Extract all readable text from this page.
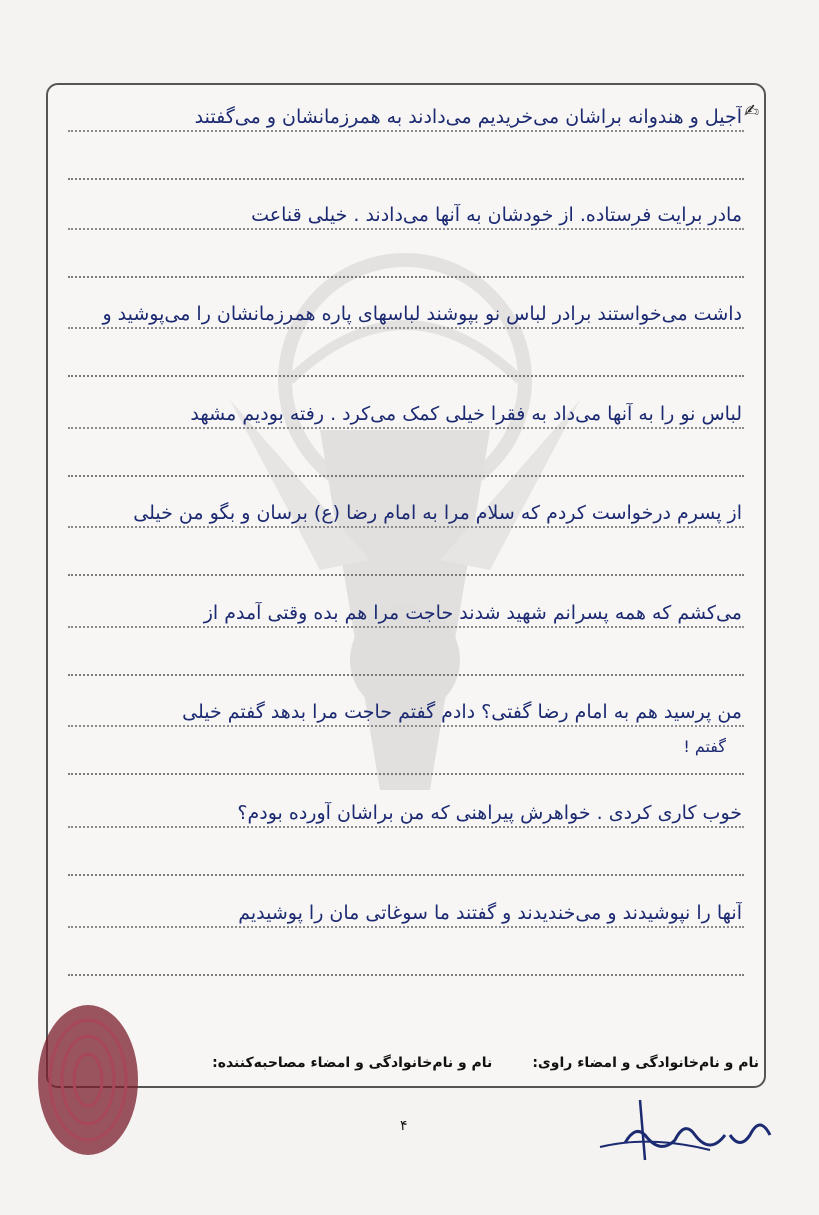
آجیل و هندوانه براشان می‌خریدیم می‌دادند به همرزمانشان و می‌گفتند
مادر برایت فرستاده. از خودشان به آنها می‌دادند . خیلی قناعت
داشت می‌خواستند برادر لباس نو بپوشند لباسهای پاره همرزمانشان را می‌پوشید و
لباس نو را به آنها می‌داد به فقرا خیلی کمک می‌کرد . رفته بودیم مشهد
از پسرم درخواست کردم که سلام مرا به امام رضا (ع) برسان و بگو من خیلی
می‌کشم که همه پسرانم شهید شدند حاجت مرا هم بده وقتی آمدم از
من پرسید هم به امام رضا گفتی؟ دادم گفتم حاجت مرا بدهد گفتم خیلی
گفتم !
خوب کاری کردی . خواهرش پیراهنی که من براشان آورده بودم؟
آنها را نپوشیدند و می‌خندیدند و گفتند ما سوغاتی مان را پوشیدیم
✍
نام و نام‌خانوادگی و امضاء راوی:
نام و نام‌خانوادگی و امضاء مصاحبه‌کننده:
۴
